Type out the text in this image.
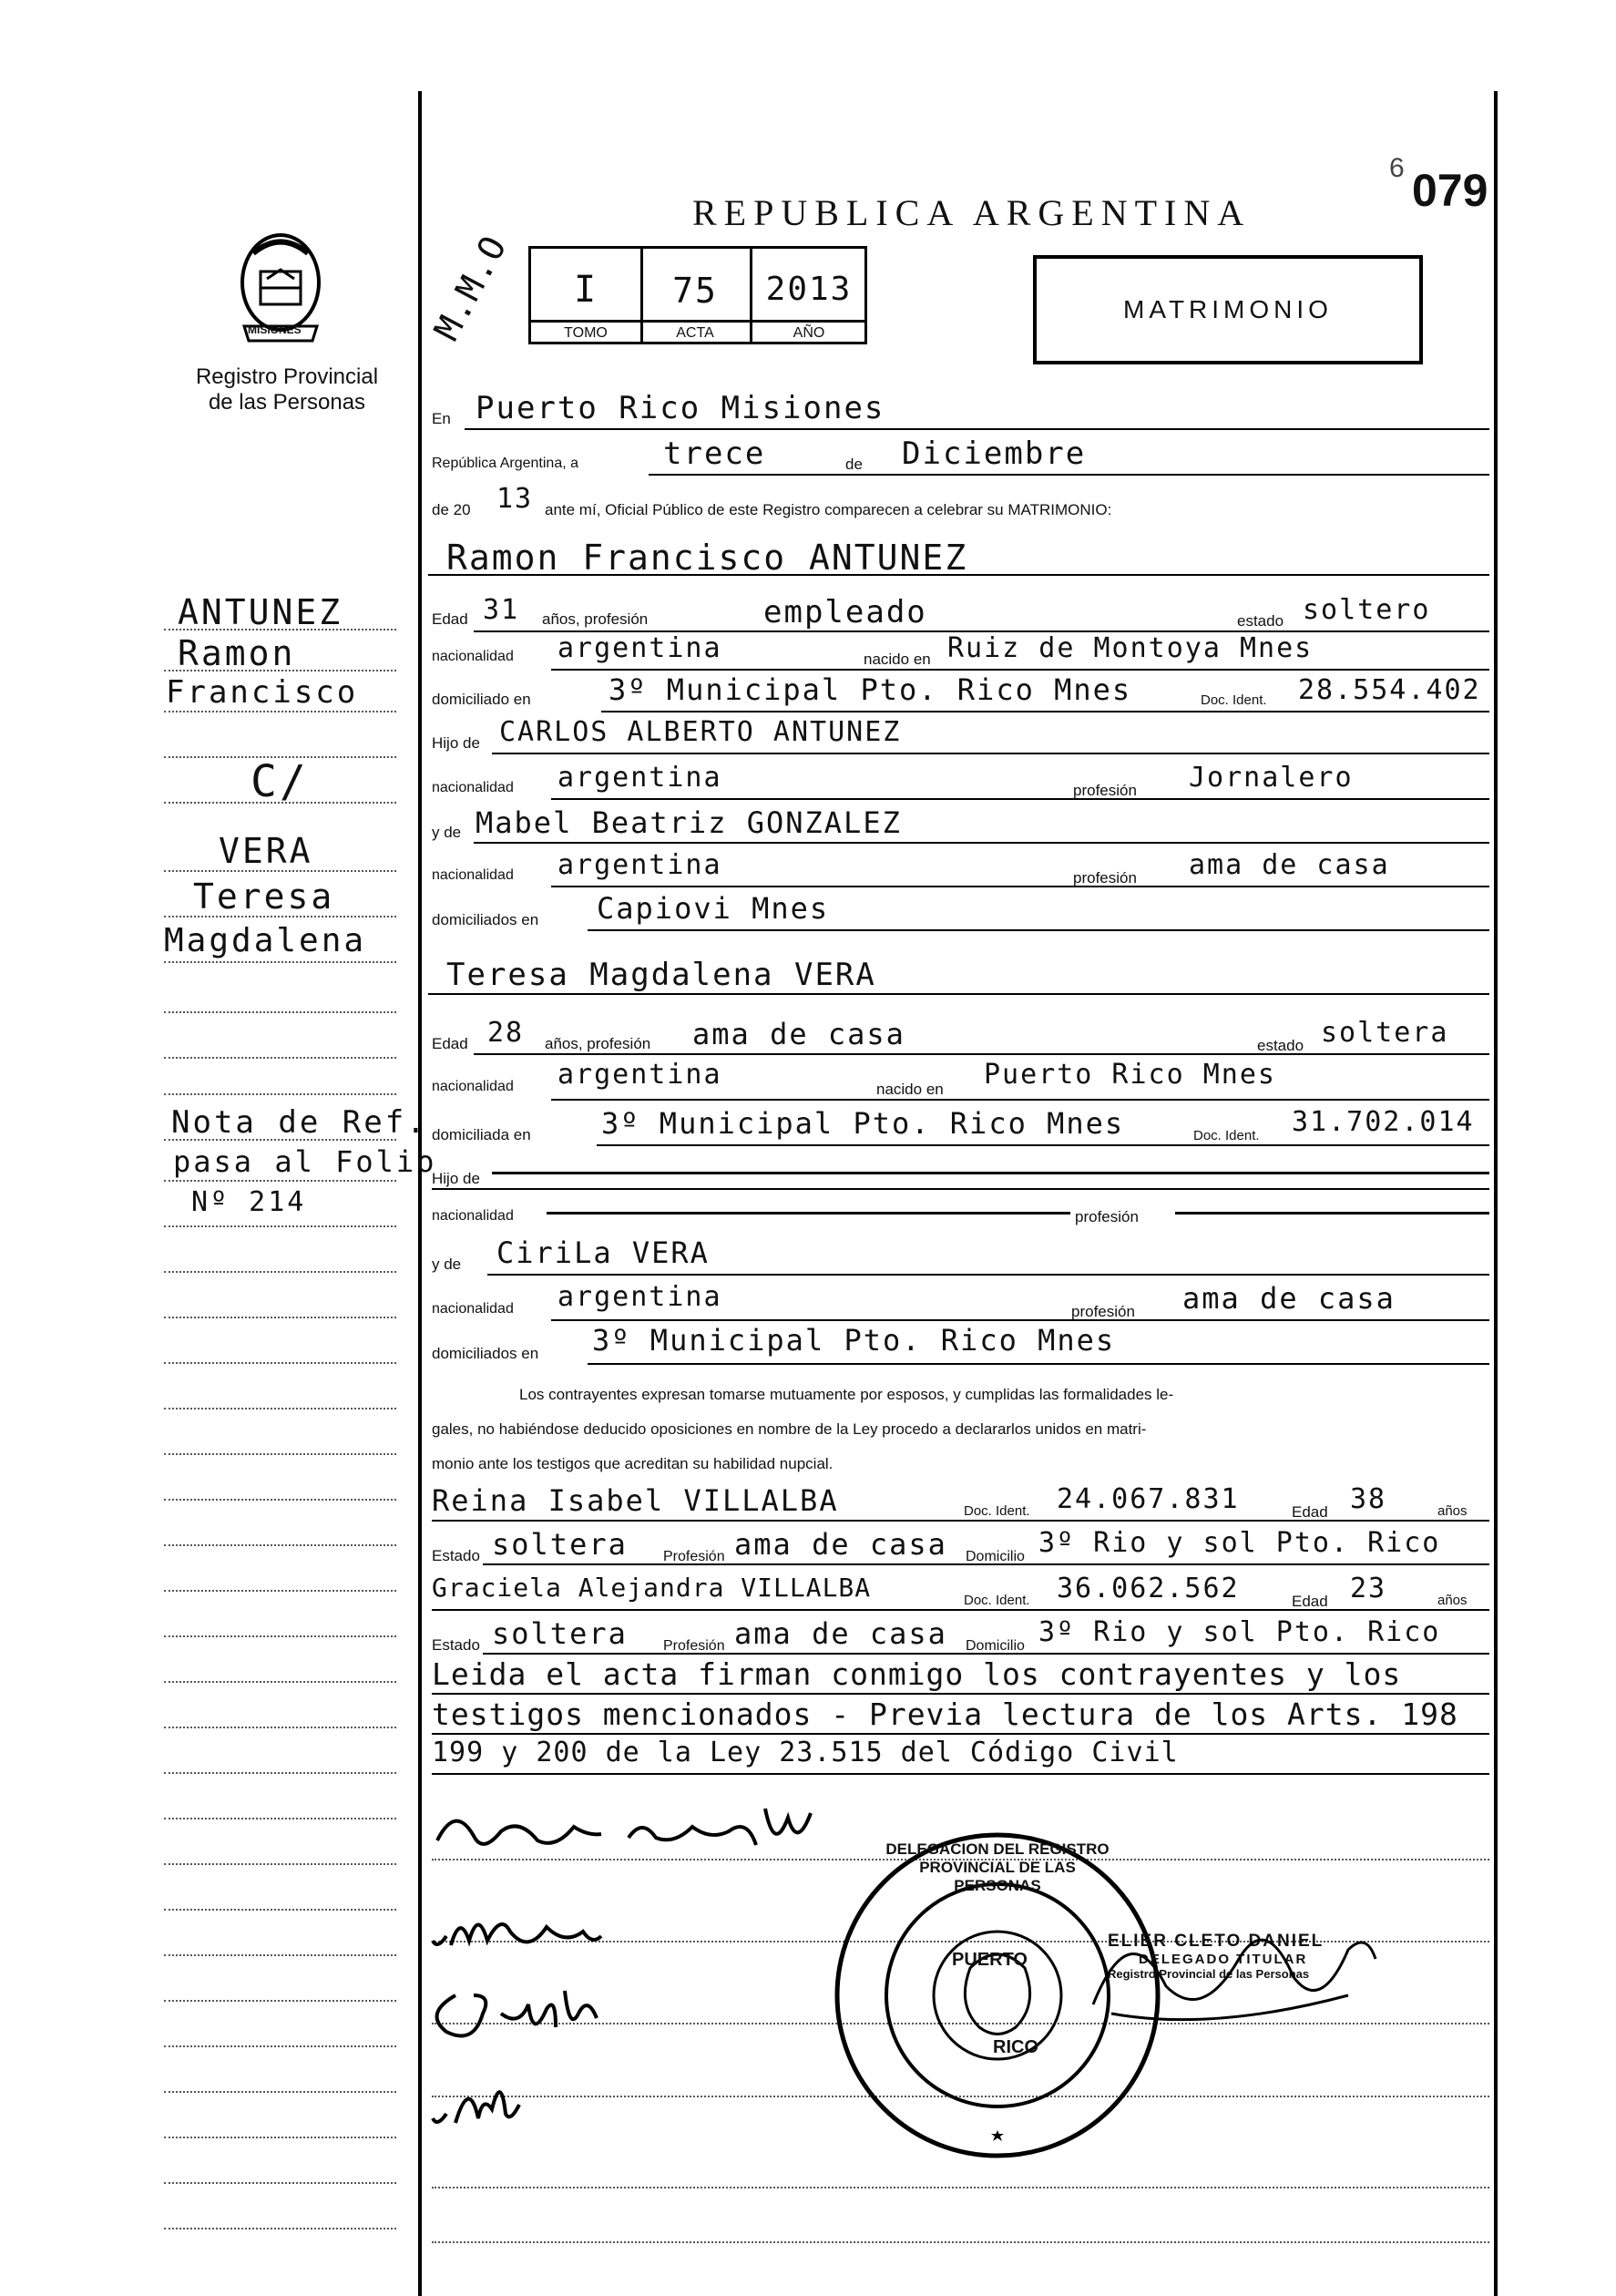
MISIONES
Registro Provincial
de las Personas
REPUBLICA ARGENTINA
6 079
M.M.O	I	75	2013
TOMO	ACTA	AÑO
MATRIMONIO
En Puerto Rico Misiones
República Argentina, a	trece	de Diciembre
de 20 13 ante mí, Oficial Público de este Registro comparecen a celebrar su MATRIMONIO:
Ramon Francisco ANTUNEZ
ANTUNEZ
Ramon
Francisco
C/
Edad 31 años, profesión	empleado	estado soltero
nacionalidad argentina	nacido en Ruiz de Montoya Mnes
domiciliado en	3º Municipal Pto. Rico Mnes	Doc. Ident. 28.554.402
Hijo de CARLOS ALBERTO ANTUNEZ
nacionalidad argentina	profesión Jornalero
y de Mabel Beatriz GONZALEZ
VERA
Teresa
Magdalena
nacionalidad argentina	profesión ama de casa
domiciliados en Capiovi Mnes
Teresa Magdalena VERA
Edad 28 años, profesión ama de casa	estado soltera
nacionalidad argentina	nacido en Puerto Rico Mnes
Nota de Ref.
pasa al Folio
Nº 214
domiciliada en 3º Municipal Pto. Rico Mnes	Doc. Ident. 31.702.014
Hijo de
nacionalidad	profesión
y de CiriLa VERA
nacionalidad argentina	profesión ama de casa
domiciliados en 3º Municipal Pto. Rico Mnes
Los contrayentes expresan tomarse mutuamente por esposos, y cumplidas las formalidades le-
gales, no habiéndose deducido oposiciones en nombre de la Ley procedo a declararlos unidos en matri-
monio ante los testigos que acreditan su habilidad nupcial.
Reina Isabel VILLALBA	Doc. Ident. 24.067.831	Edad 38	años
Estado soltera Profesión ama de casa Domicilio 3º Rio y sol Pto. Rico
Graciela Alejandra VILLALBA	Doc. Ident. 36.062.562	Edad 23	años
Estado soltera Profesión ama de casa Domicilio 3º Rio y sol Pto. Rico
Leida el acta firman conmigo los contrayentes y los
testigos mencionados - Previa lectura de los Arts. 198
199 y 200 de la Ley 23.515 del Código Civil
DELEGACION DEL REGISTRO PROVINCIAL DE LAS PERSONAS
PUERTO
RICO
ELIER CLETO DANIEL
DELEGADO TITULAR
Registro Provincial de las Personas
